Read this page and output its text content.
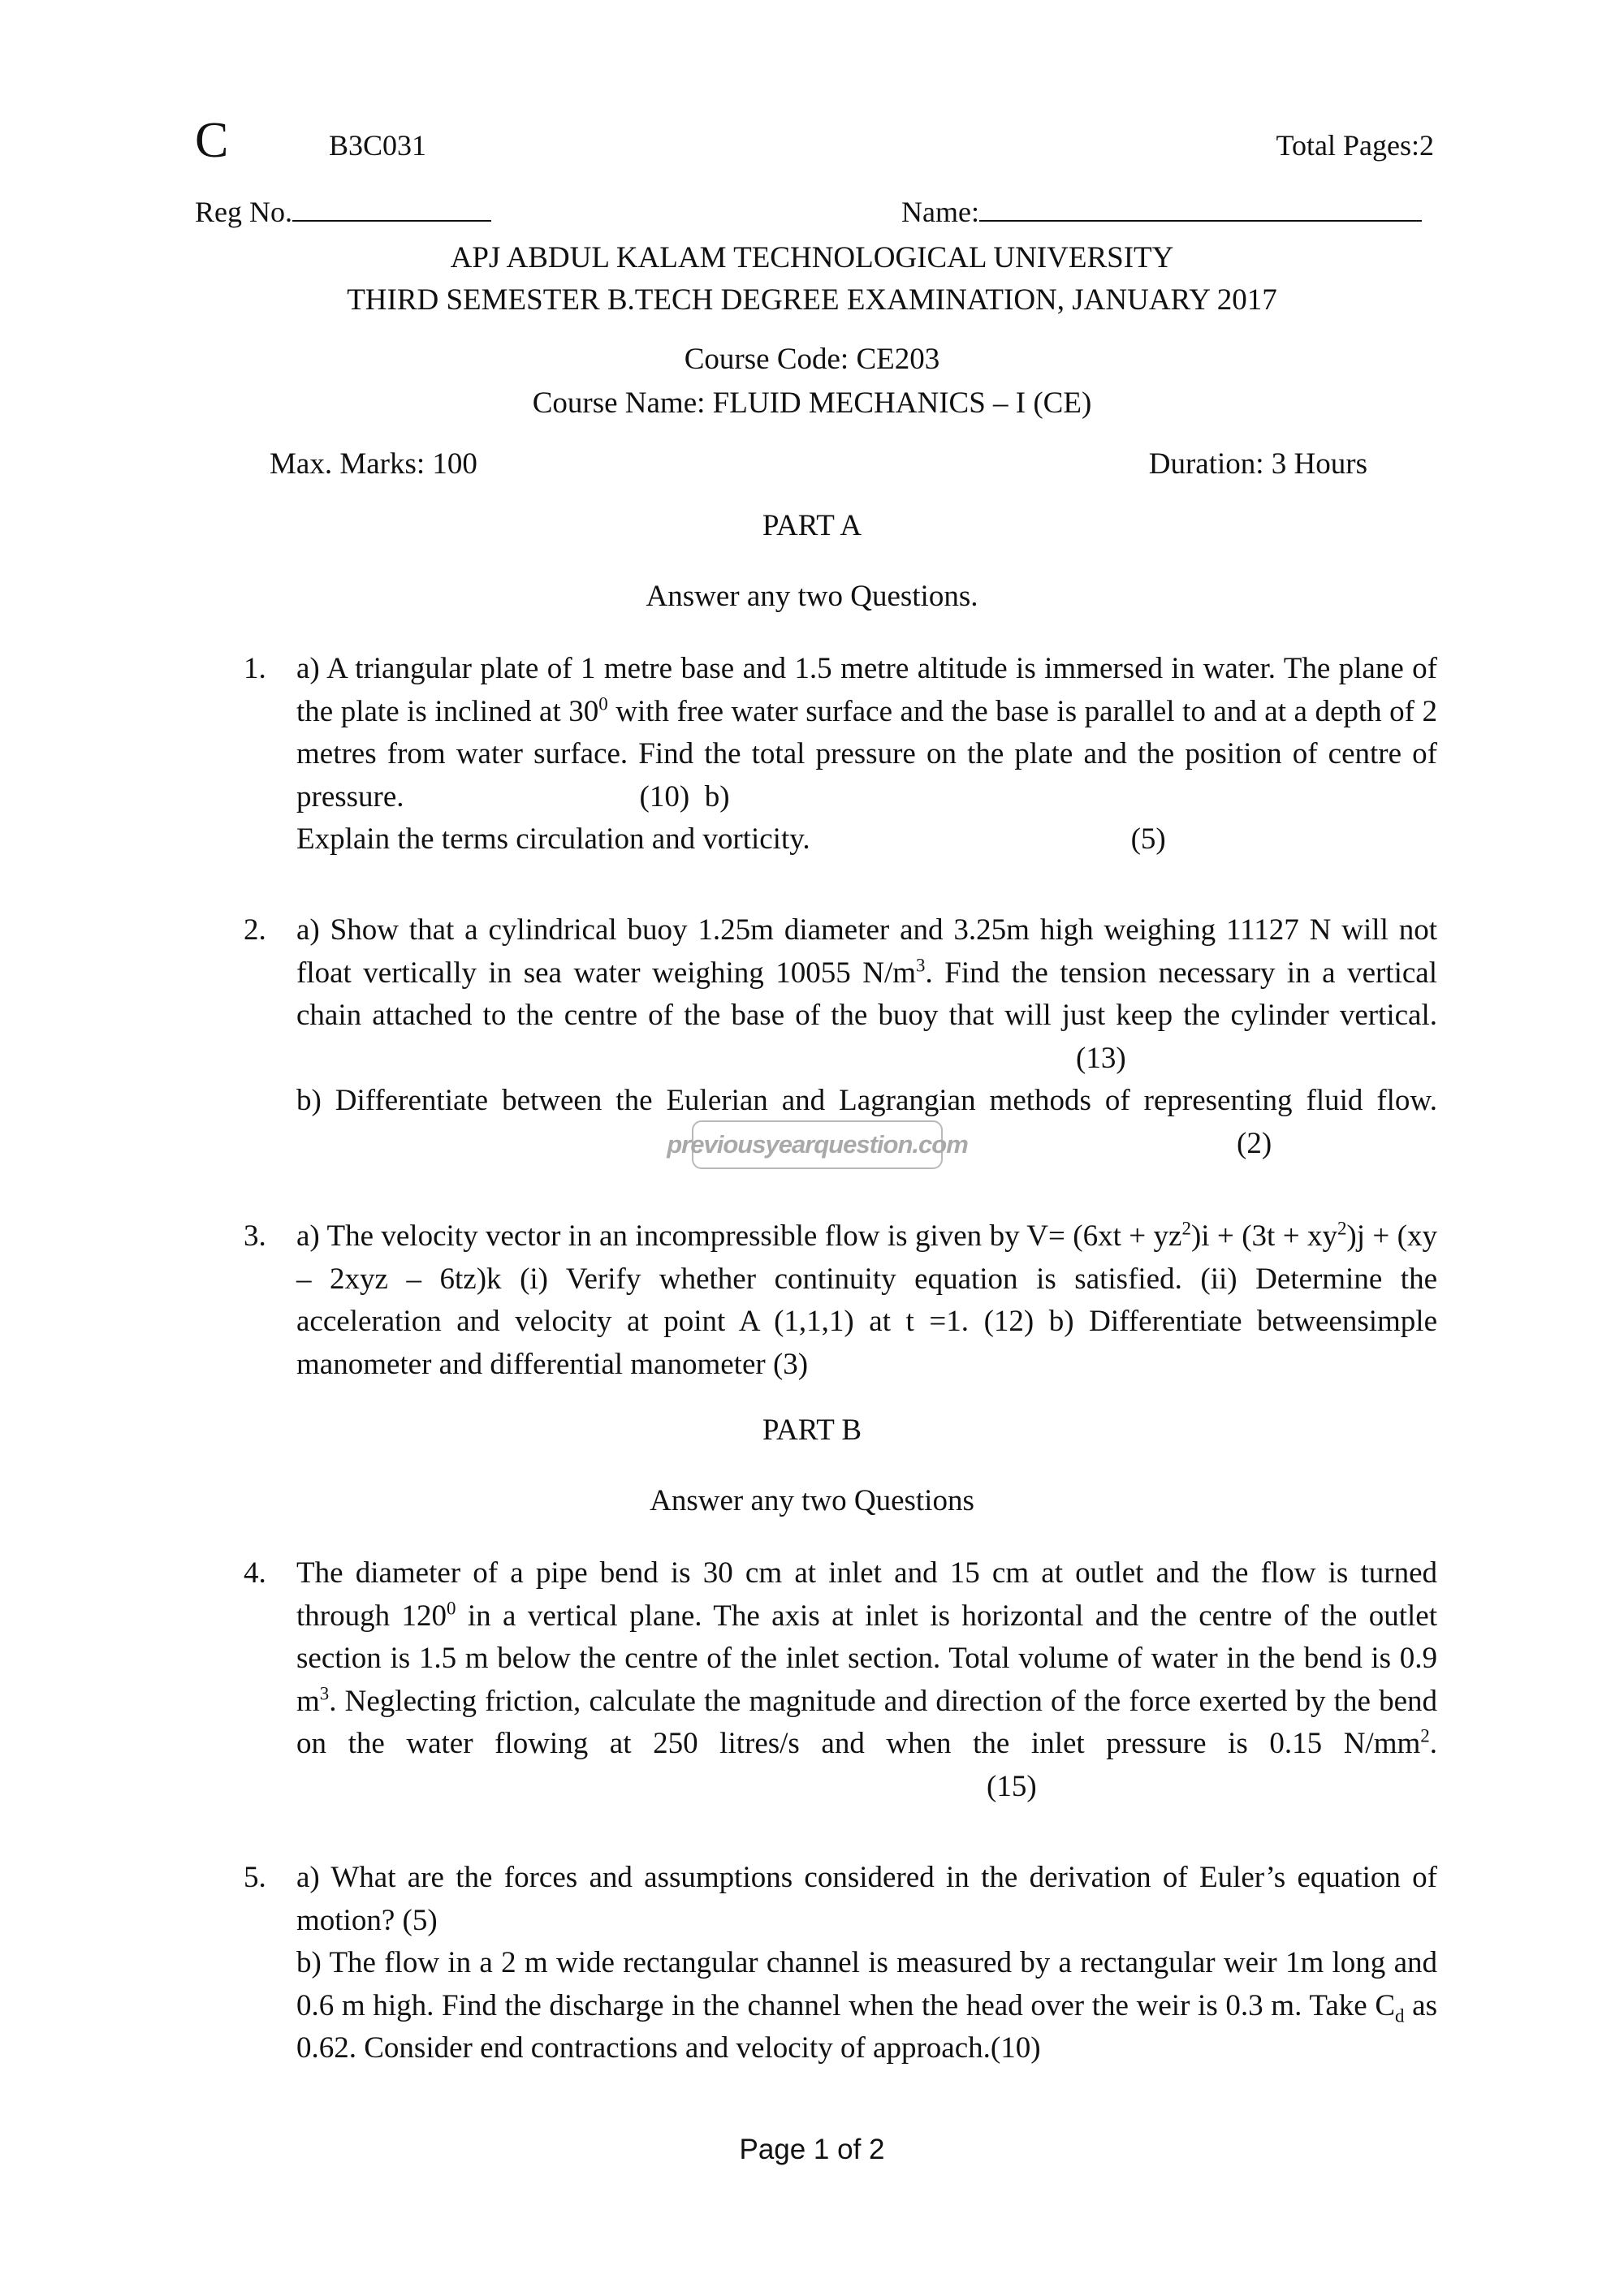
C	B3C031	Total Pages:2
Reg No.	Name:
APJ ABDUL KALAM TECHNOLOGICAL UNIVERSITY
THIRD SEMESTER B.TECH DEGREE EXAMINATION, JANUARY 2017
Course Code: CE203
Course Name: FLUID MECHANICS – I (CE)
Max. Marks: 100	Duration: 3 Hours
PART A
Answer any two Questions.
1. a) A triangular plate of 1 metre base and 1.5 metre altitude is immersed in water. The plane of the plate is inclined at $30^0$ with free water surface and the base is parallel to and at a depth of 2 metres from water surface. Find the total pressure on the plate and the position of centre of pressure.	(10) b)
Explain the terms circulation and vorticity.	(5)
2. a) Show that a cylindrical buoy 1.25m diameter and 3.25m high weighing 11127 N will not float vertically in sea water weighing 10055 $N/m^3$. Find the tension necessary in a vertical chain attached to the centre of the base of the buoy that will just keep the cylinder vertical.(13)
b) Differentiate between the Eulerian and Lagrangian methods of representing fluid flow.(2)
3. a) The velocity vector in an incompressible flow is given by $V= (6xt + yz^2)i + (3t + xy^2)j + (xy - 2xyz - 6tz)k$ (i) Verify whether continuity equation is satisfied. (ii) Determine the acceleration and velocity at point A (1,1,1) at t =1. (12) b) Differentiate betweensimple manometer and differential manometer (3)
previousyearquestion.com
PART B
Answer any two Questions
4. The diameter of a pipe bend is 30 cm at inlet and 15 cm at outlet and the flow is turned through $120^0$ in a vertical plane. The axis at inlet is horizontal and the centre of the outlet section is 1.5 m below the centre of the inlet section. Total volume of water in the bend is 0.9 $m^3$. Neglecting friction, calculate the magnitude and direction of the force exerted by the bend on the water flowing at 250 litres/s and when the inlet pressure is 0.15 $N/mm^2.(15)$
5. a) What are the forces and assumptions considered in the derivation of Euler’s equation of motion? (5)
b) The flow in a 2 m wide rectangular channel is measured by a rectangular weir 1m long and 0.6 m high. Find the discharge in the channel when the head over the weir is 0.3 m. Take $C_d$ as 0.62. Consider end contractions and velocity of approach.(10)
Page 1 of 2
